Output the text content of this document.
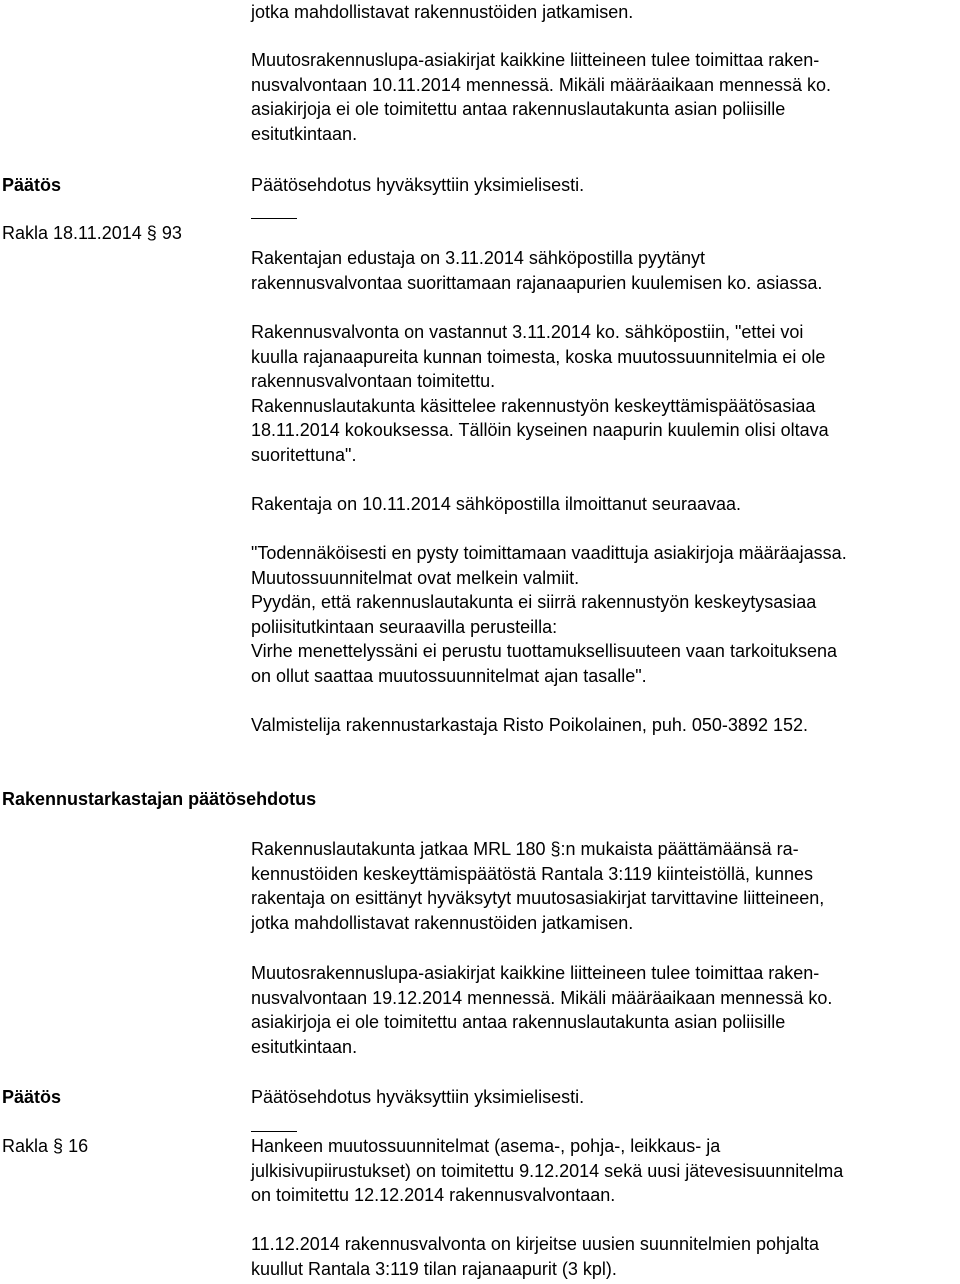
jotka mahdollistavat rakennustöiden jatkamisen.

Muutosrakennuslupa-asiakirjat kaikkine liitteineen tulee toimittaa raken-

nusvalvontaan 10.11.2014 mennessä. Mikäli määräaikaan mennessä ko.

asiakirjoja ei ole toimitettu antaa rakennuslautakunta asian poliisille

esitutkintaan.

Päätös	Päätösehdotus hyväksyttiin yksimielisesti.

Rakla 18.11.2014 § 93

Rakentajan edustaja on 3.11.2014 sähköpostilla pyytänyt

rakennusvalvontaa suorittamaan rajanaapurien kuulemisen ko. asiassa.

Rakennusvalvonta on vastannut 3.11.2014 ko. sähköpostiin, "ettei voi

kuulla rajanaapureita kunnan toimesta, koska muutossuunnitelmia ei ole

rakennusvalvontaan toimitettu.

Rakennuslautakunta käsittelee rakennustyön keskeyttämispäätösasiaa

18.11.2014 kokouksessa. Tällöin kyseinen naapurin kuulemin olisi oltava

suoritettuna".

Rakentaja on 10.11.2014 sähköpostilla ilmoittanut seuraavaa.

"Todennäköisesti en pysty toimittamaan vaadittuja asiakirjoja määräajassa.

Muutossuunnitelmat ovat melkein valmiit.

Pyydän, että rakennuslautakunta ei siirrä rakennustyön keskeytysasiaa

poliisitutkintaan seuraavilla perusteilla:

Virhe menettelyssäni ei perustu tuottamuksellisuuteen vaan tarkoituksena

on ollut saattaa muutossuunnitelmat ajan tasalle".

Valmistelija rakennustarkastaja Risto Poikolainen, puh. 050-3892 152.

Rakennustarkastajan päätösehdotus

Rakennuslautakunta jatkaa MRL 180 §:n mukaista päättämäänsä ra-

kennustöiden keskeyttämispäätöstä Rantala 3:119 kiinteistöllä, kunnes

rakentaja on esittänyt hyväksytyt muutosasiakirjat tarvittavine liitteineen,

jotka mahdollistavat rakennustöiden jatkamisen.

Muutosrakennuslupa-asiakirjat kaikkine liitteineen tulee toimittaa raken-

nusvalvontaan 19.12.2014 mennessä. Mikäli määräaikaan mennessä ko.

asiakirjoja ei ole toimitettu antaa rakennuslautakunta asian poliisille

esitutkintaan.

Päätös	Päätösehdotus hyväksyttiin yksimielisesti.

Rakla § 16	Hankeen muutossuunnitelmat (asema-, pohja-, leikkaus- ja

julkisivupiirustukset) on toimitettu 9.12.2014 sekä uusi jätevesisuunnitelma

on toimitettu 12.12.2014 rakennusvalvontaan.

11.12.2014 rakennusvalvonta on kirjeitse uusien suunnitelmien pohjalta

kuullut Rantala 3:119 tilan rajanaapurit (3 kpl).
